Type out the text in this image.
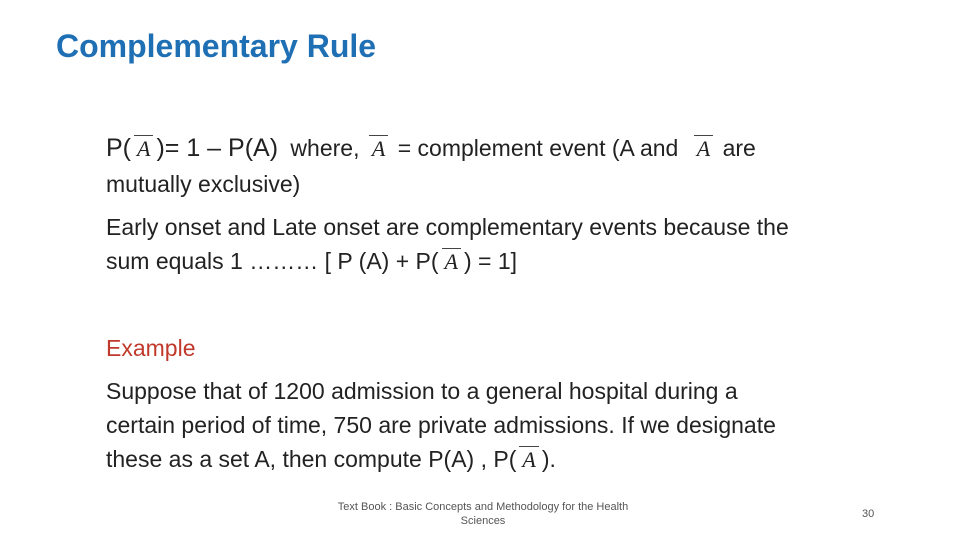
Complementary Rule
P( A )= 1 – P(A) where, A = complement event (A and A are
mutually exclusive)
Early onset and Late onset are complementary events because the
sum equals 1 ……… [ P (A) + P( A ) = 1]
Example
Suppose that of 1200 admission to a general hospital during a
certain period of time, 750 are private admissions. If we designate
these as a set A, then compute P(A) , P( A ).
Text Book : Basic Concepts and Methodology for the Health Sciences
30
